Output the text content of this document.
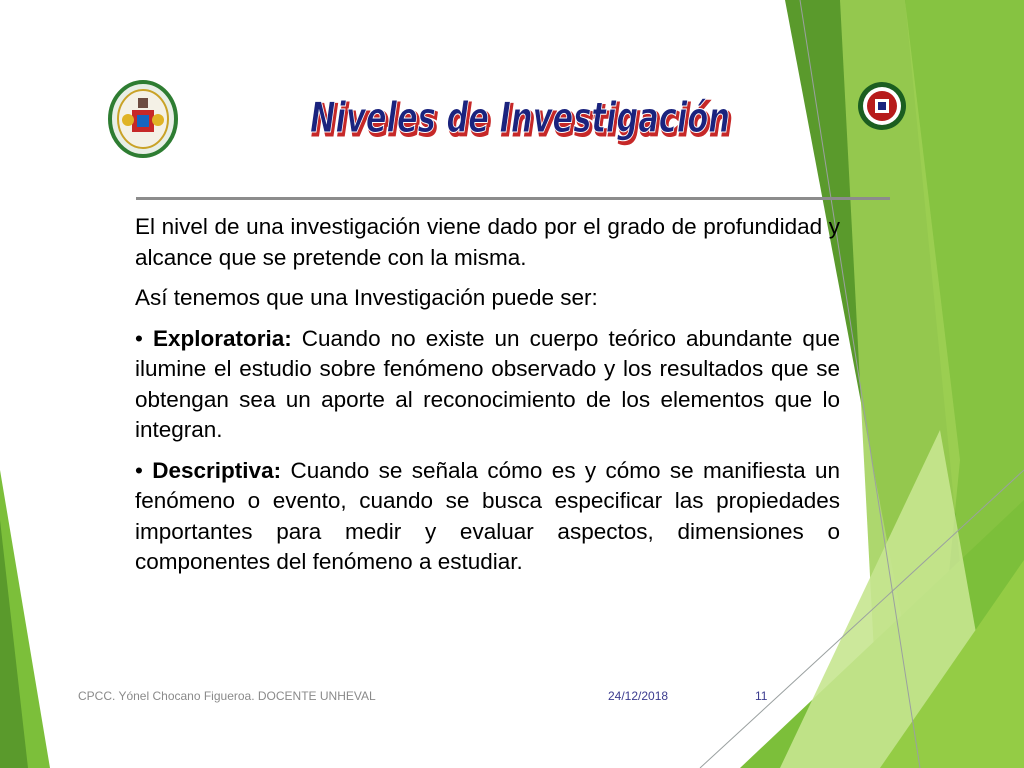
Niveles de Investigación
Niveles de Investigación

El nivel de una investigación viene dado por el grado de profundidad y alcance que se pretende con la misma.

Así tenemos que una Investigación puede ser:

• Exploratoria: Cuando no existe un cuerpo teórico abundante que ilumine el estudio sobre fenómeno observado y los resultados que se obtengan sea un aporte al reconocimiento de los elementos que lo integran.

• Descriptiva: Cuando se señala cómo es y cómo se manifiesta un fenómeno o evento, cuando se busca especificar las propiedades importantes para medir y evaluar aspectos, dimensiones o componentes del fenómeno a estudiar.

CPCC. Yónel Chocano Figueroa. DOCENTE UNHEVAL	24/12/2018	11
